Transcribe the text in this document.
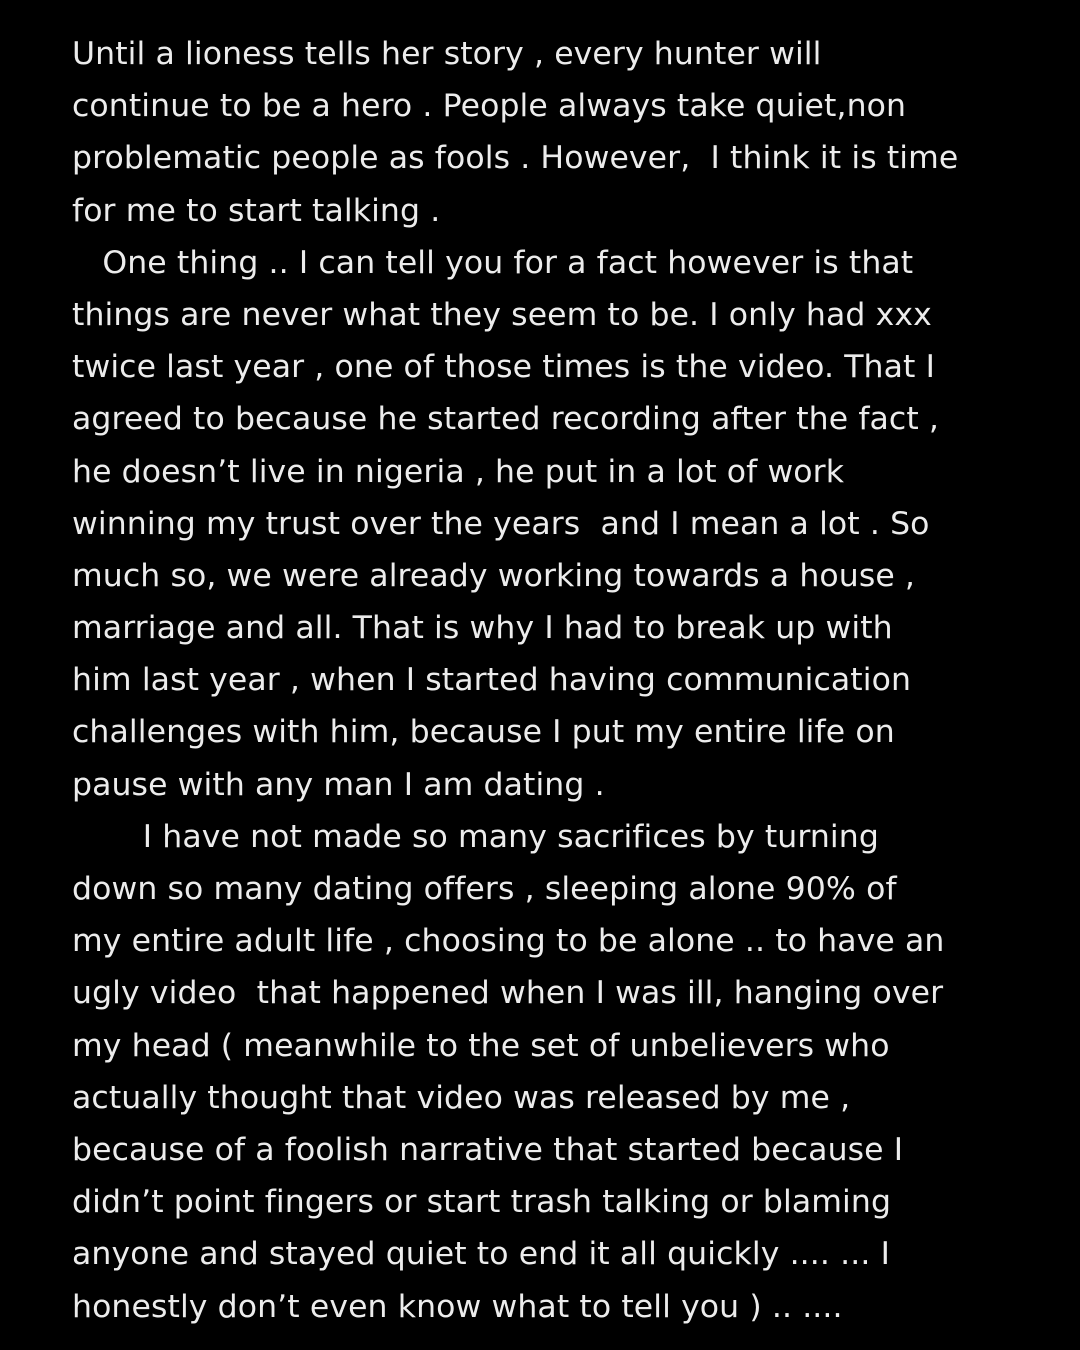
Until a lioness tells her story , every hunter will
continue to be a hero . People always take quiet,non
problematic people as fools . However,  I think it is time
for me to start talking .
One thing .. I can tell you for a fact however is that
things are never what they seem to be. I only had xxx
twice last year , one of those times is the video. That I
agreed to because he started recording after the fact ,
he doesn’t live in nigeria , he put in a lot of work
winning my trust over the years  and I mean a lot . So
much so, we were already working towards a house ,
marriage and all. That is why I had to break up with
him last year , when I started having communication
challenges with him, because I put my entire life on
pause with any man I am dating .
I have not made so many sacrifices by turning
down so many dating offers , sleeping alone 90% of
my entire adult life , choosing to be alone .. to have an
ugly video  that happened when I was ill, hanging over
my head ( meanwhile to the set of unbelievers who
actually thought that video was released by me ,
because of a foolish narrative that started because I
didn’t point fingers or start trash talking or blaming
anyone and stayed quiet to end it all quickly .... ... I
honestly don’t even know what to tell you ) .. ....
